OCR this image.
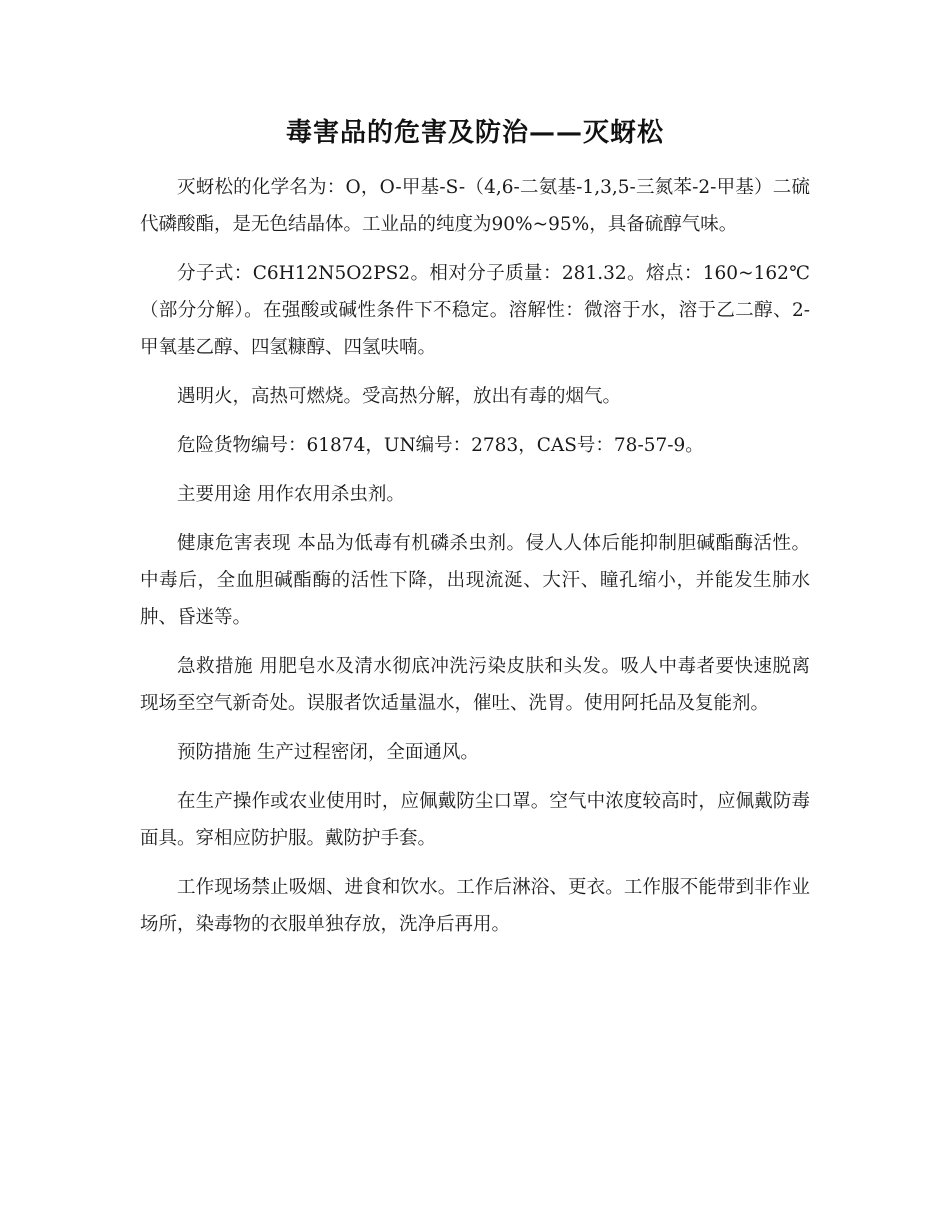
毒害品的危害及防治——灭蚜松

灭蚜松的化学名为：O，O-甲基-S-（4,6-二氨基-1,3,5-三氮苯-2-甲基）二硫代磷酸酯，是无色结晶体。工业品的纯度为90%~95%，具备硫醇气味。

分子式：C6H12N5O2PS2。相对分子质量：281.32。熔点：160~162℃（部分分解）。在强酸或碱性条件下不稳定。溶解性：微溶于水，溶于乙二醇、2-甲氧基乙醇、四氢糠醇、四氢呋喃。

遇明火，高热可燃烧。受高热分解，放出有毒的烟气。

危险货物编号：61874，UN编号：2783，CAS号：78-57-9。

主要用途 用作农用杀虫剂。

健康危害表现 本品为低毒有机磷杀虫剂。侵人人体后能抑制胆碱酯酶活性。中毒后，全血胆碱酯酶的活性下降，出现流涎、大汗、瞳孔缩小，并能发生肺水肿、昏迷等。

急救措施 用肥皂水及清水彻底冲洗污染皮肤和头发。吸人中毒者要快速脱离现场至空气新奇处。误服者饮适量温水，催吐、洗胃。使用阿托品及复能剂。

预防措施 生产过程密闭，全面通风。

在生产操作或农业使用时，应佩戴防尘口罩。空气中浓度较高时，应佩戴防毒面具。穿相应防护服。戴防护手套。

工作现场禁止吸烟、进食和饮水。工作后淋浴、更衣。工作服不能带到非作业场所，染毒物的衣服单独存放，洗净后再用。
